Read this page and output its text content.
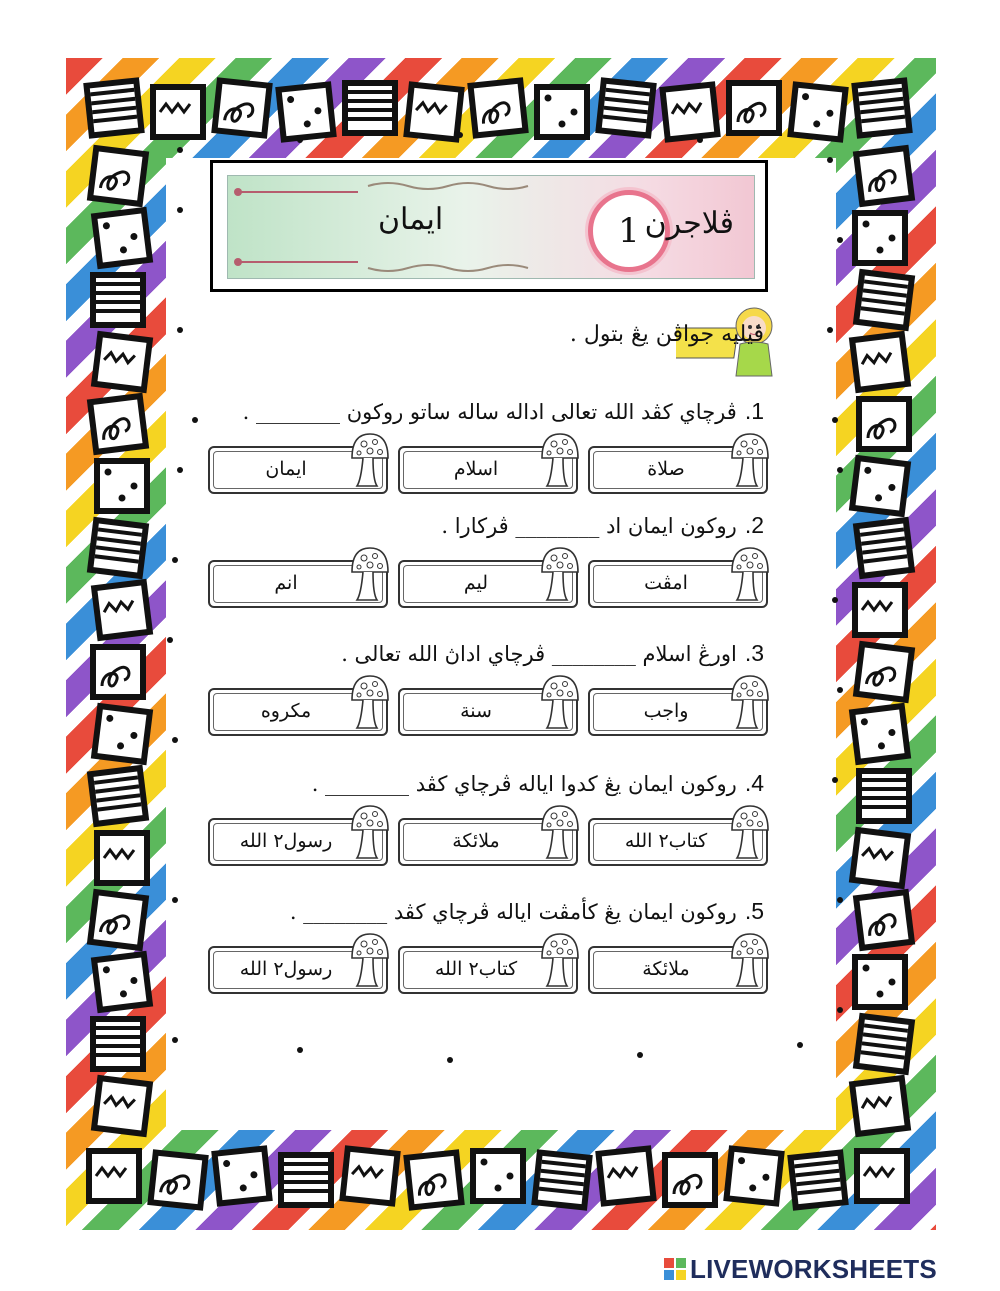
ايمان	1 ڤلاجرن
ڤيليه جواڤن يڠ بتول .
1.ڤرچاي كڤد الله تعالى اداله ساله ساتو روكون ________ .
صلاة
اسلام
ايمان
2.روكون ايمان اد ________ ڤركارا .
امڤت
ليم
انم
3.اورڠ اسلام ________ ڤرچاي اداڽ الله تعالى .
واجب
سنة
مكروه
4.روكون ايمان يڠ كدوا اياله ڤرچاي كڤد ________ .
كتاب٢ الله
ملائكة
رسول٢ الله
5.روكون ايمان يڠ كأمڤت اياله ڤرچاي كڤد ________ .
ملائكة
كتاب٢ الله
رسول٢ الله
LIVEWORKSHEETS
